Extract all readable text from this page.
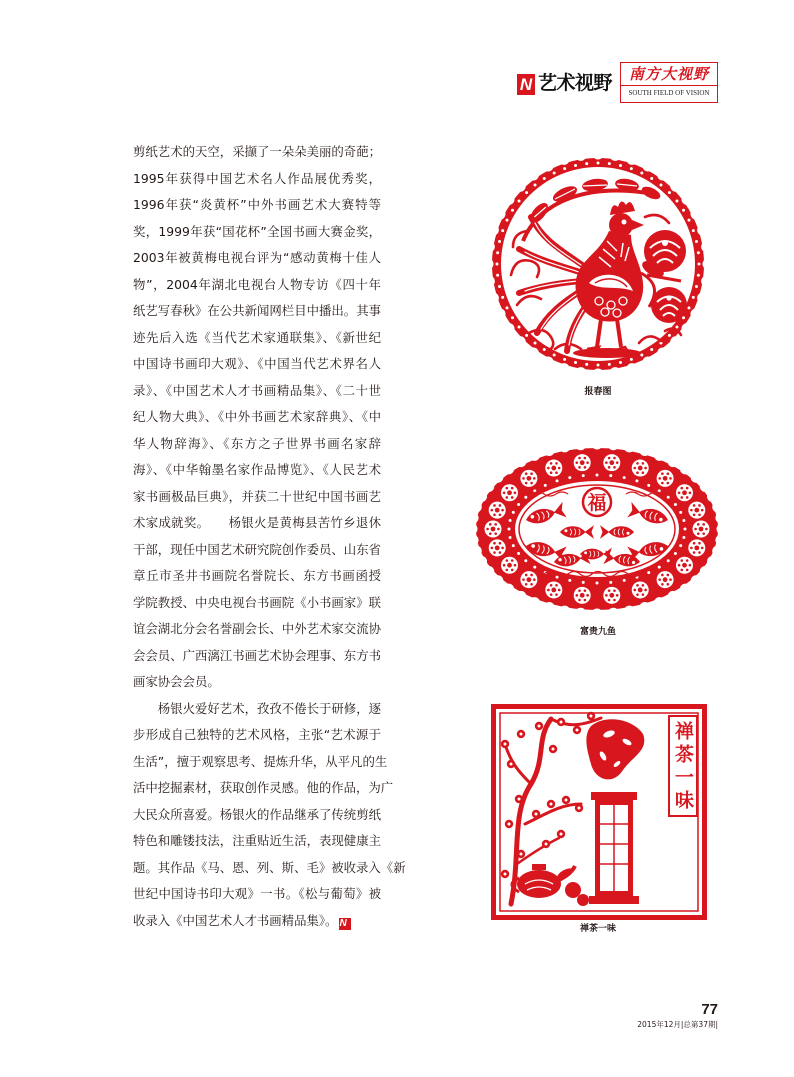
N 艺术视野	南方大视野
SOUTH FIELD OF VISION
剪纸艺术的天空，采撷了一朵朵美丽的奇葩；
1995年获得中国艺术名人作品展优秀奖，
1996年获“炎黄杯”中外书画艺术大赛特等
奖，1999年获“国花杯”全国书画大赛金奖，
2003年被黄梅电视台评为“感动黄梅十佳人
物”，2004年湖北电视台人物专访《四十年
纸艺写春秋》在公共新闻网栏目中播出。其事
迹先后入选《当代艺术家通联集》、《新世纪
中国诗书画印大观》、《中国当代艺术界名人
录》、《中国艺术人才书画精品集》、《二十世
纪人物大典》、《中外书画艺术家辞典》、《中
华人物辞海》、《东方之子世界书画名家辞
海》、《中华翰墨名家作品博览》、《人民艺术
家书画极品巨典》，并获二十世纪中国书画艺
术家成就奖。　　杨银火是黄梅县苦竹乡退休
干部，现任中国艺术研究院创作委员、山东省
章丘市圣井书画院名誉院长、东方书画函授
学院教授、中央电视台书画院《小书画家》联
谊会湖北分会名誉副会长、中外艺术家交流协
会会员、广西漓江书画艺术协会理事、东方书
画家协会会员。
杨银火爱好艺术，孜孜不倦长于研修，逐
步形成自己独特的艺术风格，主张“艺术源于
生活”，擅于观察思考、提炼升华，从平凡的生
活中挖掘素材，获取创作灵感。他的作品，为广
大民众所喜爱。杨银火的作品继承了传统剪纸
特色和雕镂技法，注重贴近生活，表现健康主
题。其作品《马、恩、列、斯、毛》被收录入《新
世纪中国诗书印大观》一书。《松与葡萄》被
收录入《中国艺术人才书画精品集》。 N
报春图
福
富贵九鱼
禅茶一味
禅茶一味
77
2015年12月|总第37期|
